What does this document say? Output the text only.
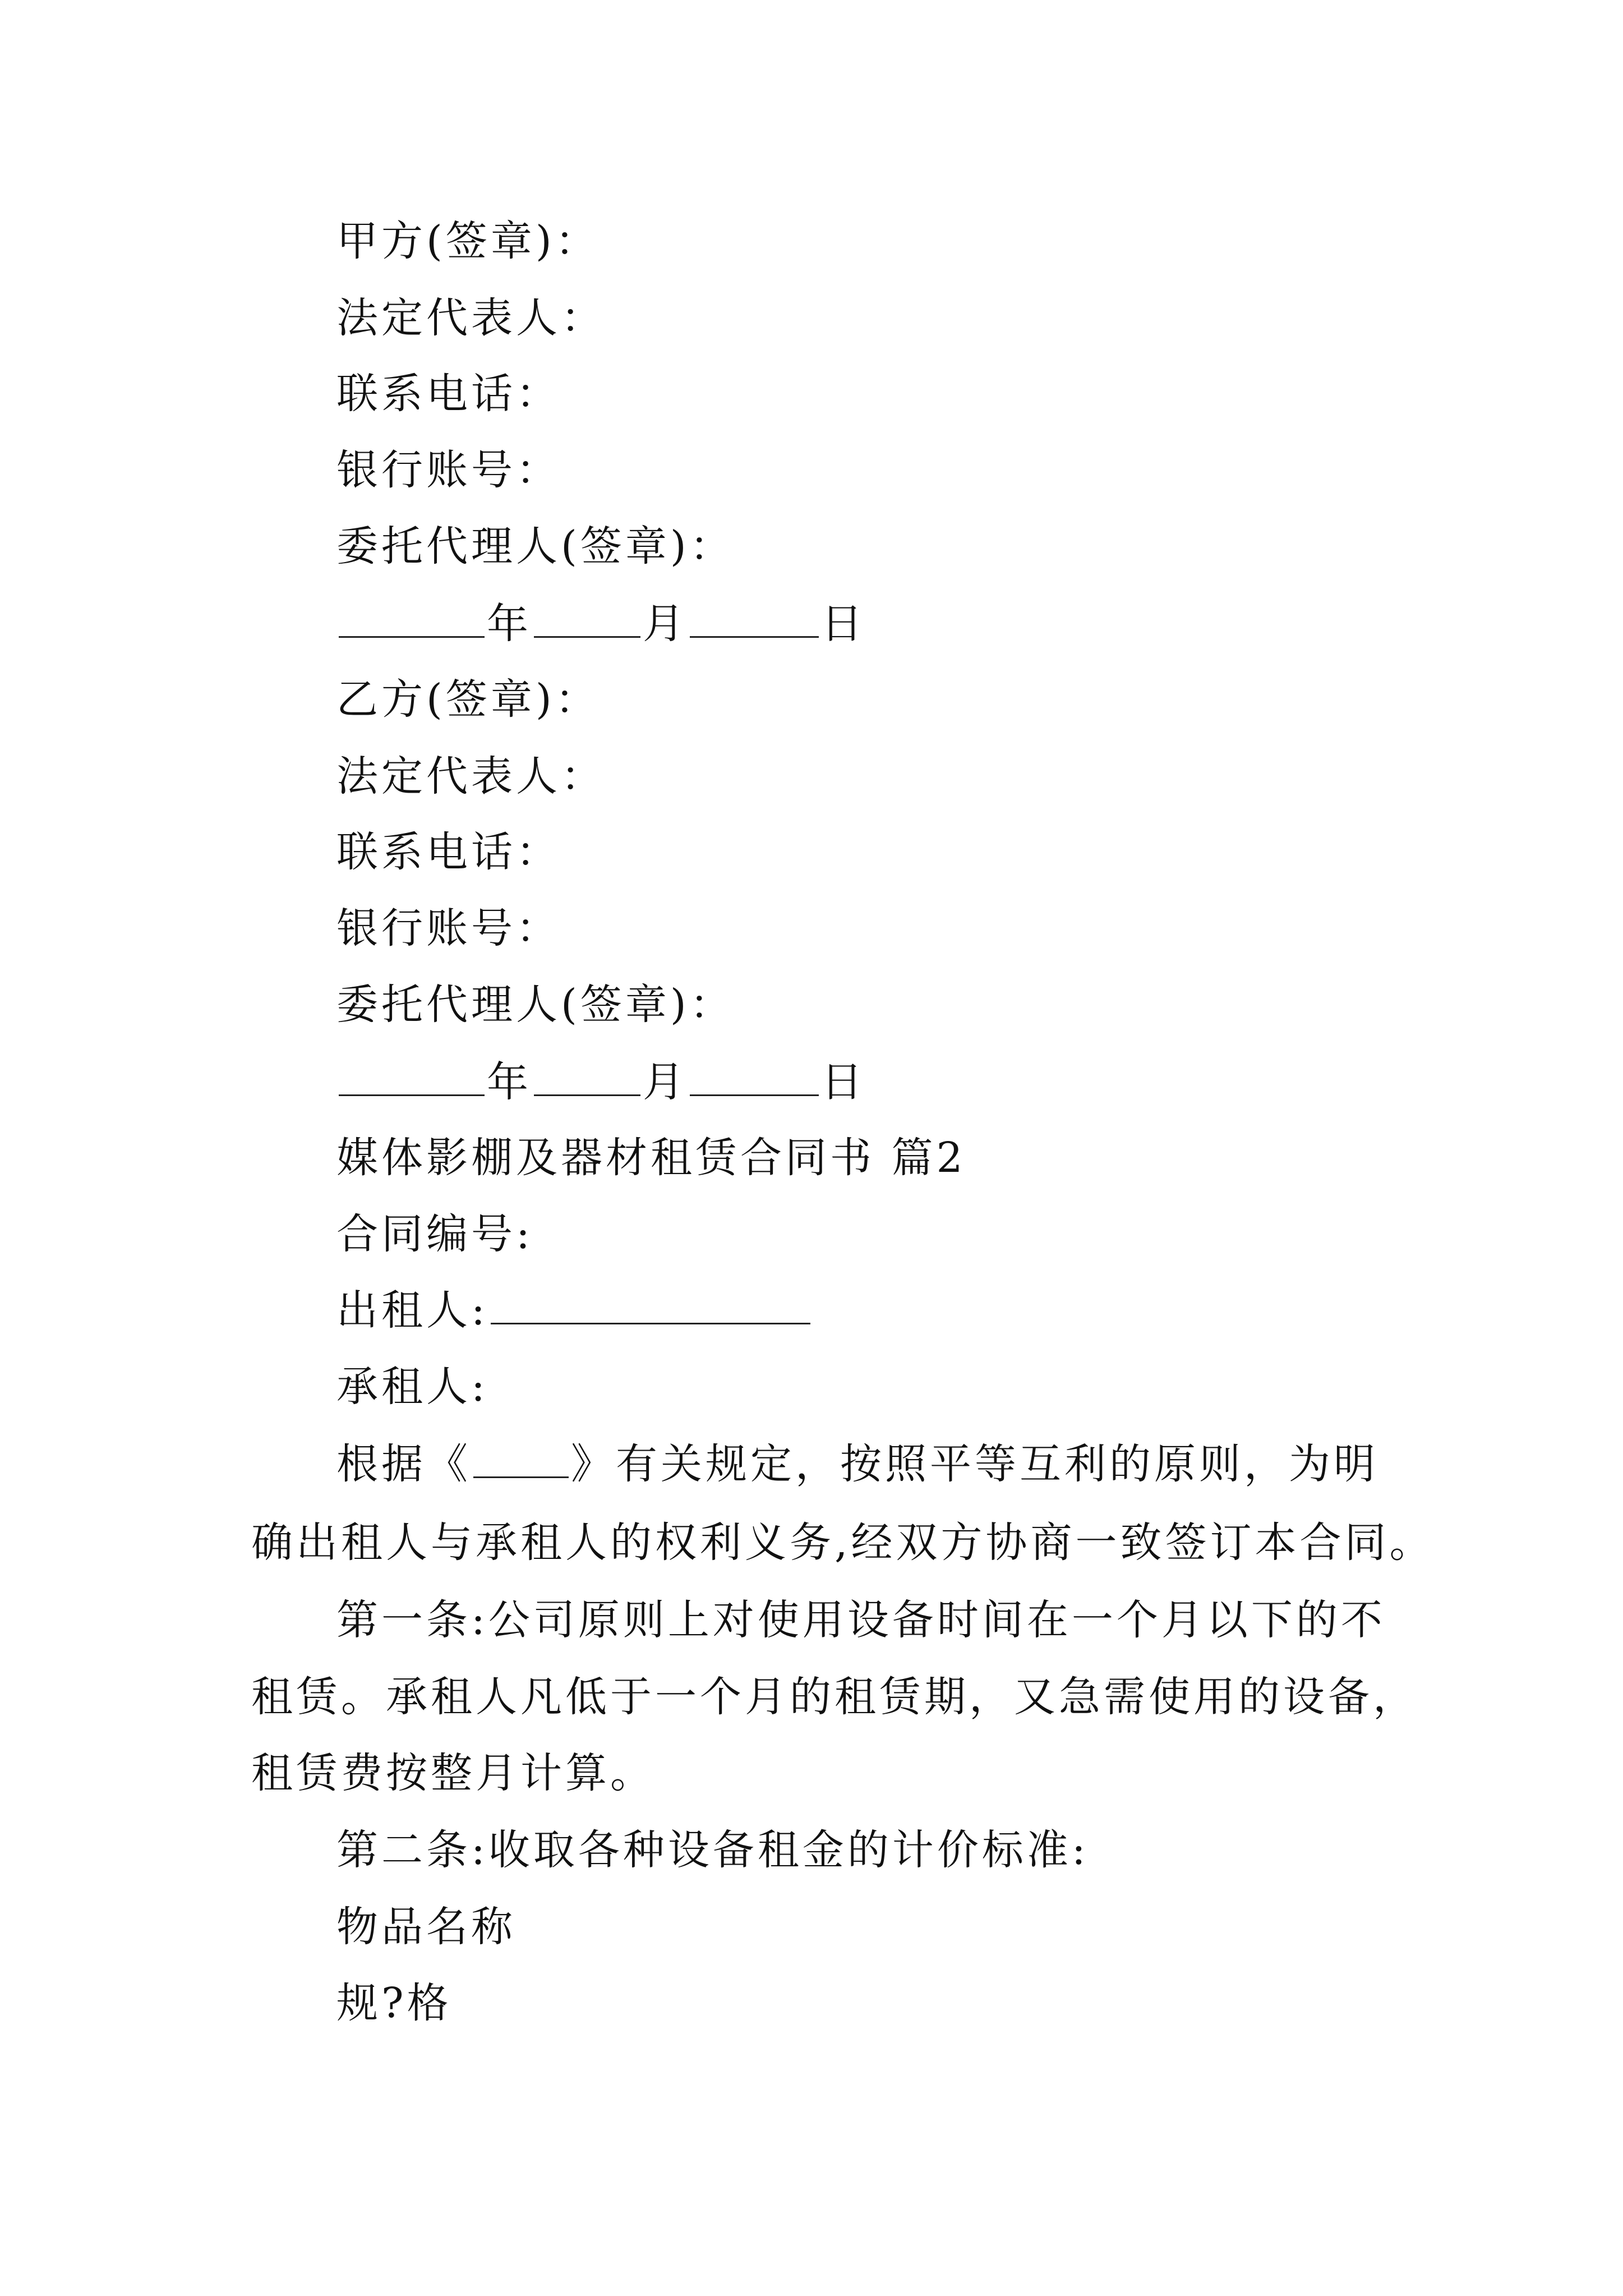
甲方(签章)：

法定代表人：

联系电话：

银行账号：

委托代理人(签章)：

年	月	日

乙方(签章)：

法定代表人：

联系电话：

银行账号：

委托代理人(签章)：

年	月	日

媒体影棚及器材租赁合同书 篇2

合同编号:

出租人:

承租人:

根据《 》有关规定，按照平等互利的原则，为明

确出租人与承租人的权利义务,经双方协商一致签订本合同。

第一条:公司原则上对使用设备时间在一个月以下的不

租赁。承租人凡低于一个月的租赁期，又急需使用的设备，

租赁费按整月计算。

第二条:收取各种设备租金的计价标准:

物品名称

规?格
